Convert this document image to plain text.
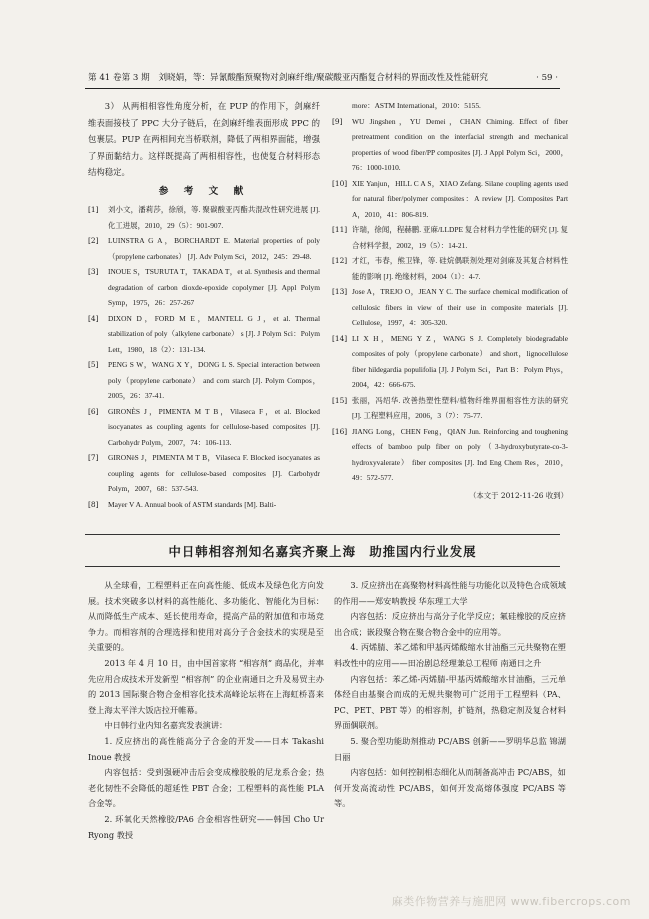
第 41 卷第 3 期 刘晓娟，等：异氰酸酯预聚物对剑麻纤维/聚碳酸亚丙酯复合材料的界面改性及性能研究	· 59 ·

3） 从两相相容性角度分析，在 PUP 的作用下，剑麻纤维表面接枝了 PPC 大分子链后，在剑麻纤维表面形成 PPC 的包裹层。PUP 在两相间充当桥联剂，降低了两相界面能，增强了界面黏结力。这样既提高了两相相容性，也使复合材料形态结构稳定。

参 考 文 献
[1]	刘小文，潘莉莎，徐颀，等. 聚碳酸亚丙酯共混改性研究进展 [J]. 化工进展，2010，29（5）：901-907.
[2]	LUINSTRA G A，BORCHARDT E. Material properties of poly（propylene carbonates） [J]. Adv Polym Sci，2012，245：29-48.
[3]	INOUE S，TSURUTA T，TAKADA T，et al. Synthesis and thermal degradation of carbon dioxde-epoxide copolymer [J]. Appl Polym Symp，1975，26：257-267
[4]	DIXON D，FORD M E，MANTELL G J，et al. Thermal stabilization of poly（alkylene carbonate） s [J]. J Polym Sci：Polym Lett，1980，18（2）：131-134.
[5]	PENG S W，WANG X Y，DONG L S. Special interaction between poly（propylene carbonate） and corn starch [J]. Polym Compos，2005，26：37-41.
[6]	GIRONÈS J，PIMENTA M T B，Vilaseca F，et al. Blocked isocyanates as coupling agents for cellulose-based composites [J]. Carbohydr Polym，2007，74：106-113.
[7]	GIRONèS J，PIMENTA M T B，Vilaseca F. Blocked isocyanates as coupling agents for cellulose-based composites [J]. Carbohydr Polym，2007，68：537-543.
[8]	Mayer V A. Annual book of ASTM standards [M]. Balti-
more：ASTM International，2010：5155.
[9]	WU Jingshen，YU Demei，CHAN Chiming. Effect of fiber pretreatment condition on the interfacial strength and mechanical properties of wood fiber/PP composites [J]. J Appl Polym Sci，2000，76：1000-1010.
[10] XIE Yanjun，HILL C A S，XIAO Zefang. Silane coupling agents used for natural fiber/polymer composites：A review [J]. Composites Part A，2010，41：806-819.
[11] 许瑞，徐闻，程赫鹏. 亚麻/LLDPE 复合材料力学性能的研究 [J]. 复合材料学报，2002，19（5）：14-21.
[12] 才红，韦春，熊卫锋，等. 硅烷偶联剂处理对剑麻及其复合材料性能的影响 [J]. 绝缘材料，2004（1）：4-7.
[13] Jose A，TREJO O，JEAN Y C. The surface chemical modification of cellulosic fibers in view of their use in composite materials [J]. Cellulose，1997，4：305-320.
[14] LI X H，MENG Y Z，WANG S J. Completely biodegradable composites of poly（propylene carbonate） and short，lignocellulose fiber hildegardia populifolia [J]. J Polym Sci，Part B：Polym Phys，2004，42：666-675.
[15] 张丽，冯绍华. 改善热塑性塑料/植物纤维界面相容性方法的研究 [J]. 工程塑料应用，2006，3（7）：75-77.
[16] JIANG Long，CHEN Feng，QIAN Jun. Reinforcing and toughening effects of bamboo pulp fiber on poly（3-hydroxybutyrate-co-3-hydroxyvalerate） fiber composites [J]. Ind Eng Chem Res，2010，49：572-577.
（本文于 2012-11-26 收到）
中日韩相容剂知名嘉宾齐聚上海　助推国内行业发展

从全球看，工程塑料正在向高性能、低成本及绿色化方向发展。技术突破多以材料的高性能化、多功能化、智能化为目标：从而降低生产成本、延长使用寿命，提高产品的附加值和市场竞争力。而相容剂的合理选择和使用对高分子合金技术的实现是至关重要的。

2013 年 4 月 10 日，由中国首家将 “相容剂” 商品化，并率先应用合成技术开发新型 “相容剂” 的企业南通日之升及易贸主办的 2013 国际聚合物合金相容化技术高峰论坛将在上海虹桥喜来登上海太平洋大饭店拉开帷幕。

中日韩行业内知名嘉宾发表演讲：

1. 反应挤出的高性能高分子合金的开发——日本 Takashi Inoue 教授

内容包括：受到强硬冲击后会变成橡胶般的尼龙系合金；热老化韧性不会降低的超延性 PBT 合金；工程塑料的高性能 PLA 合金等。

2. 环氧化天然橡胶/PA6 合金相容性研究——韩国 Cho Ur Ryong 教授

3. 反应挤出在高聚物材料高性能与功能化以及特色合成领域的作用——郑安呐教授 华东理工大学

内容包括：反应挤出与高分子化学反应；氟硅橡胶的反应挤出合成；嵌段聚合物在聚合物合金中的应用等。

4. 丙烯腈、苯乙烯和甲基丙烯酸缩水甘油酯三元共聚物在塑料改性中的应用——田冶剧总经理兼总工程师 南通日之升

内容包括：苯乙烯-丙烯腈-甲基丙烯酸缩水甘油酯，三元单体经自由基聚合而成的无规共聚物可广泛用于工程塑料（PA、PC、PET、PBT 等）的相容剂，扩链剂，热稳定剂及复合材料界面偶联剂。

5. 聚合型功能助剂推动 PC/ABS 创新——罗明华总监 锦湖日丽

内容包括：如何控制相态细化从而制备高冲击 PC/ABS，如何开发高流动性 PC/ABS，如何开发高熔体强度 PC/ABS 等等。

麻类作物营养与施肥网 www.fibercrops.com
